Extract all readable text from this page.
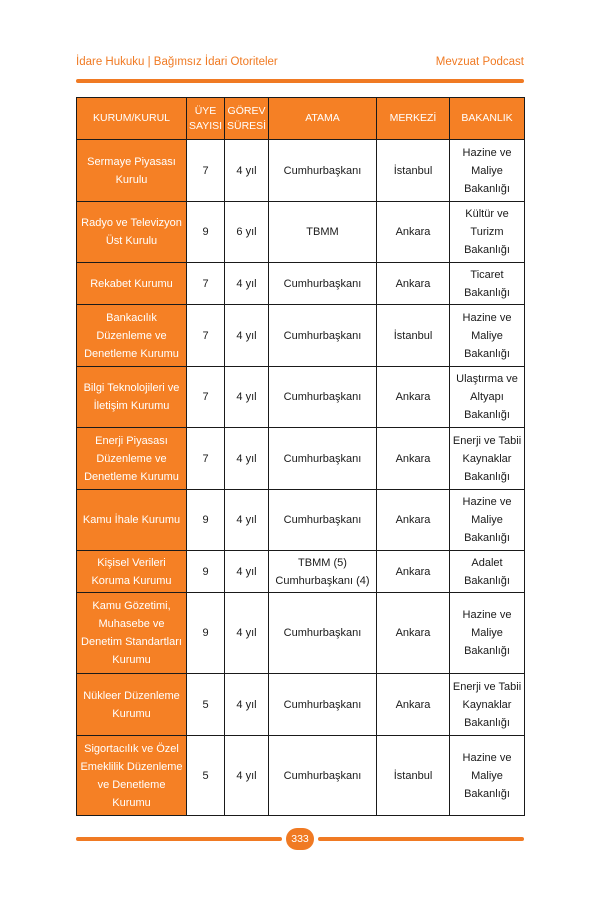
İdare Hukuku | Bağımsız İdari Otoriteler	Mevzuat Podcast
KURUM/KURUL	ÜYE SAYISI	GÖREV SÜRESİ	ATAMA	MERKEZİ	BAKANLIK
Sermaye Piyasası Kurulu	7	4 yıl	Cumhurbaşkanı	İstanbul	Hazine ve Maliye Bakanlığı
Radyo ve Televizyon Üst Kurulu	9	6 yıl	TBMM	Ankara	Kültür ve Turizm Bakanlığı
Rekabet Kurumu	7	4 yıl	Cumhurbaşkanı	Ankara	Ticaret Bakanlığı
Bankacılık Düzenleme ve Denetleme Kurumu	7	4 yıl	Cumhurbaşkanı	İstanbul	Hazine ve Maliye Bakanlığı
Bilgi Teknolojileri ve İletişim Kurumu	7	4 yıl	Cumhurbaşkanı	Ankara	Ulaştırma ve Altyapı Bakanlığı
Enerji Piyasası Düzenleme ve Denetleme Kurumu	7	4 yıl	Cumhurbaşkanı	Ankara	Enerji ve Tabii Kaynaklar Bakanlığı
Kamu İhale Kurumu	9	4 yıl	Cumhurbaşkanı	Ankara	Hazine ve Maliye Bakanlığı
Kişisel Verileri Koruma Kurumu	9	4 yıl	TBMM (5) Cumhurbaşkanı (4)	Ankara	Adalet Bakanlığı
Kamu Gözetimi, Muhasebe ve Denetim Standartları Kurumu	9	4 yıl	Cumhurbaşkanı	Ankara	Hazine ve Maliye Bakanlığı
Nükleer Düzenleme Kurumu	5	4 yıl	Cumhurbaşkanı	Ankara	Enerji ve Tabii Kaynaklar Bakanlığı
Sigortacılık ve Özel Emeklilik Düzenleme ve Denetleme Kurumu	5	4 yıl	Cumhurbaşkanı	İstanbul	Hazine ve Maliye Bakanlığı
333
